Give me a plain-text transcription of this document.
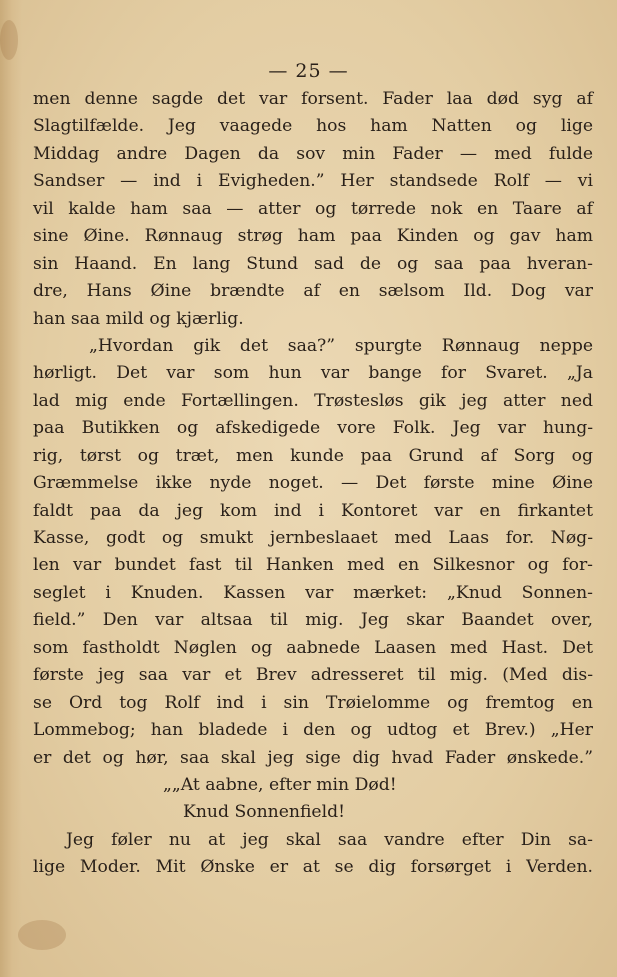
— 25 —

men denne sagde det var forsent. Fader laa død syg af

Slagtilfælde. Jeg vaagede hos ham Natten og lige

Middag andre Dagen da sov min Fader — med fulde

Sandser — ind i Evigheden.” Her standsede Rolf — vi

vil kalde ham saa — atter og tørrede nok en Taare af

sine Øine. Rønnaug strøg ham paa Kinden og gav ham

sin Haand. En lang Stund sad de og saa paa hveran-

dre, Hans Øine brændte af en sælsom Ild. Dog var

han saa mild og kjærlig.

„Hvordan gik det saa?” spurgte Rønnaug neppe

hørligt. Det var som hun var bange for Svaret. „Ja

lad mig ende Fortællingen. Trøstesløs gik jeg atter ned

paa Butikken og afskedigede vore Folk. Jeg var hung-

rig, tørst og træt, men kunde paa Grund af Sorg og

Græmmelse ikke nyde noget. — Det første mine Øine

faldt paa da jeg kom ind i Kontoret var en firkantet

Kasse, godt og smukt jernbeslaaet med Laas for. Nøg-

len var bundet fast til Hanken med en Silkesnor og for-

seglet i Knuden. Kassen var mærket: „Knud Sonnen-

field.” Den var altsaa til mig. Jeg skar Baandet over,

som fastholdt Nøglen og aabnede Laasen med Hast. Det

første jeg saa var et Brev adresseret til mig. (Med dis-

se Ord tog Rolf ind i sin Trøielomme og fremtog en

Lommebog; han bladede i den og udtog et Brev.) „Her

er det og hør, saa skal jeg sige dig hvad Fader ønskede.”

„„At aabne, efter min Død!

Knud Sonnenfield!

Jeg føler nu at jeg skal saa vandre efter Din sa-

lige Moder. Mit Ønske er at se dig forsørget i Verden.
